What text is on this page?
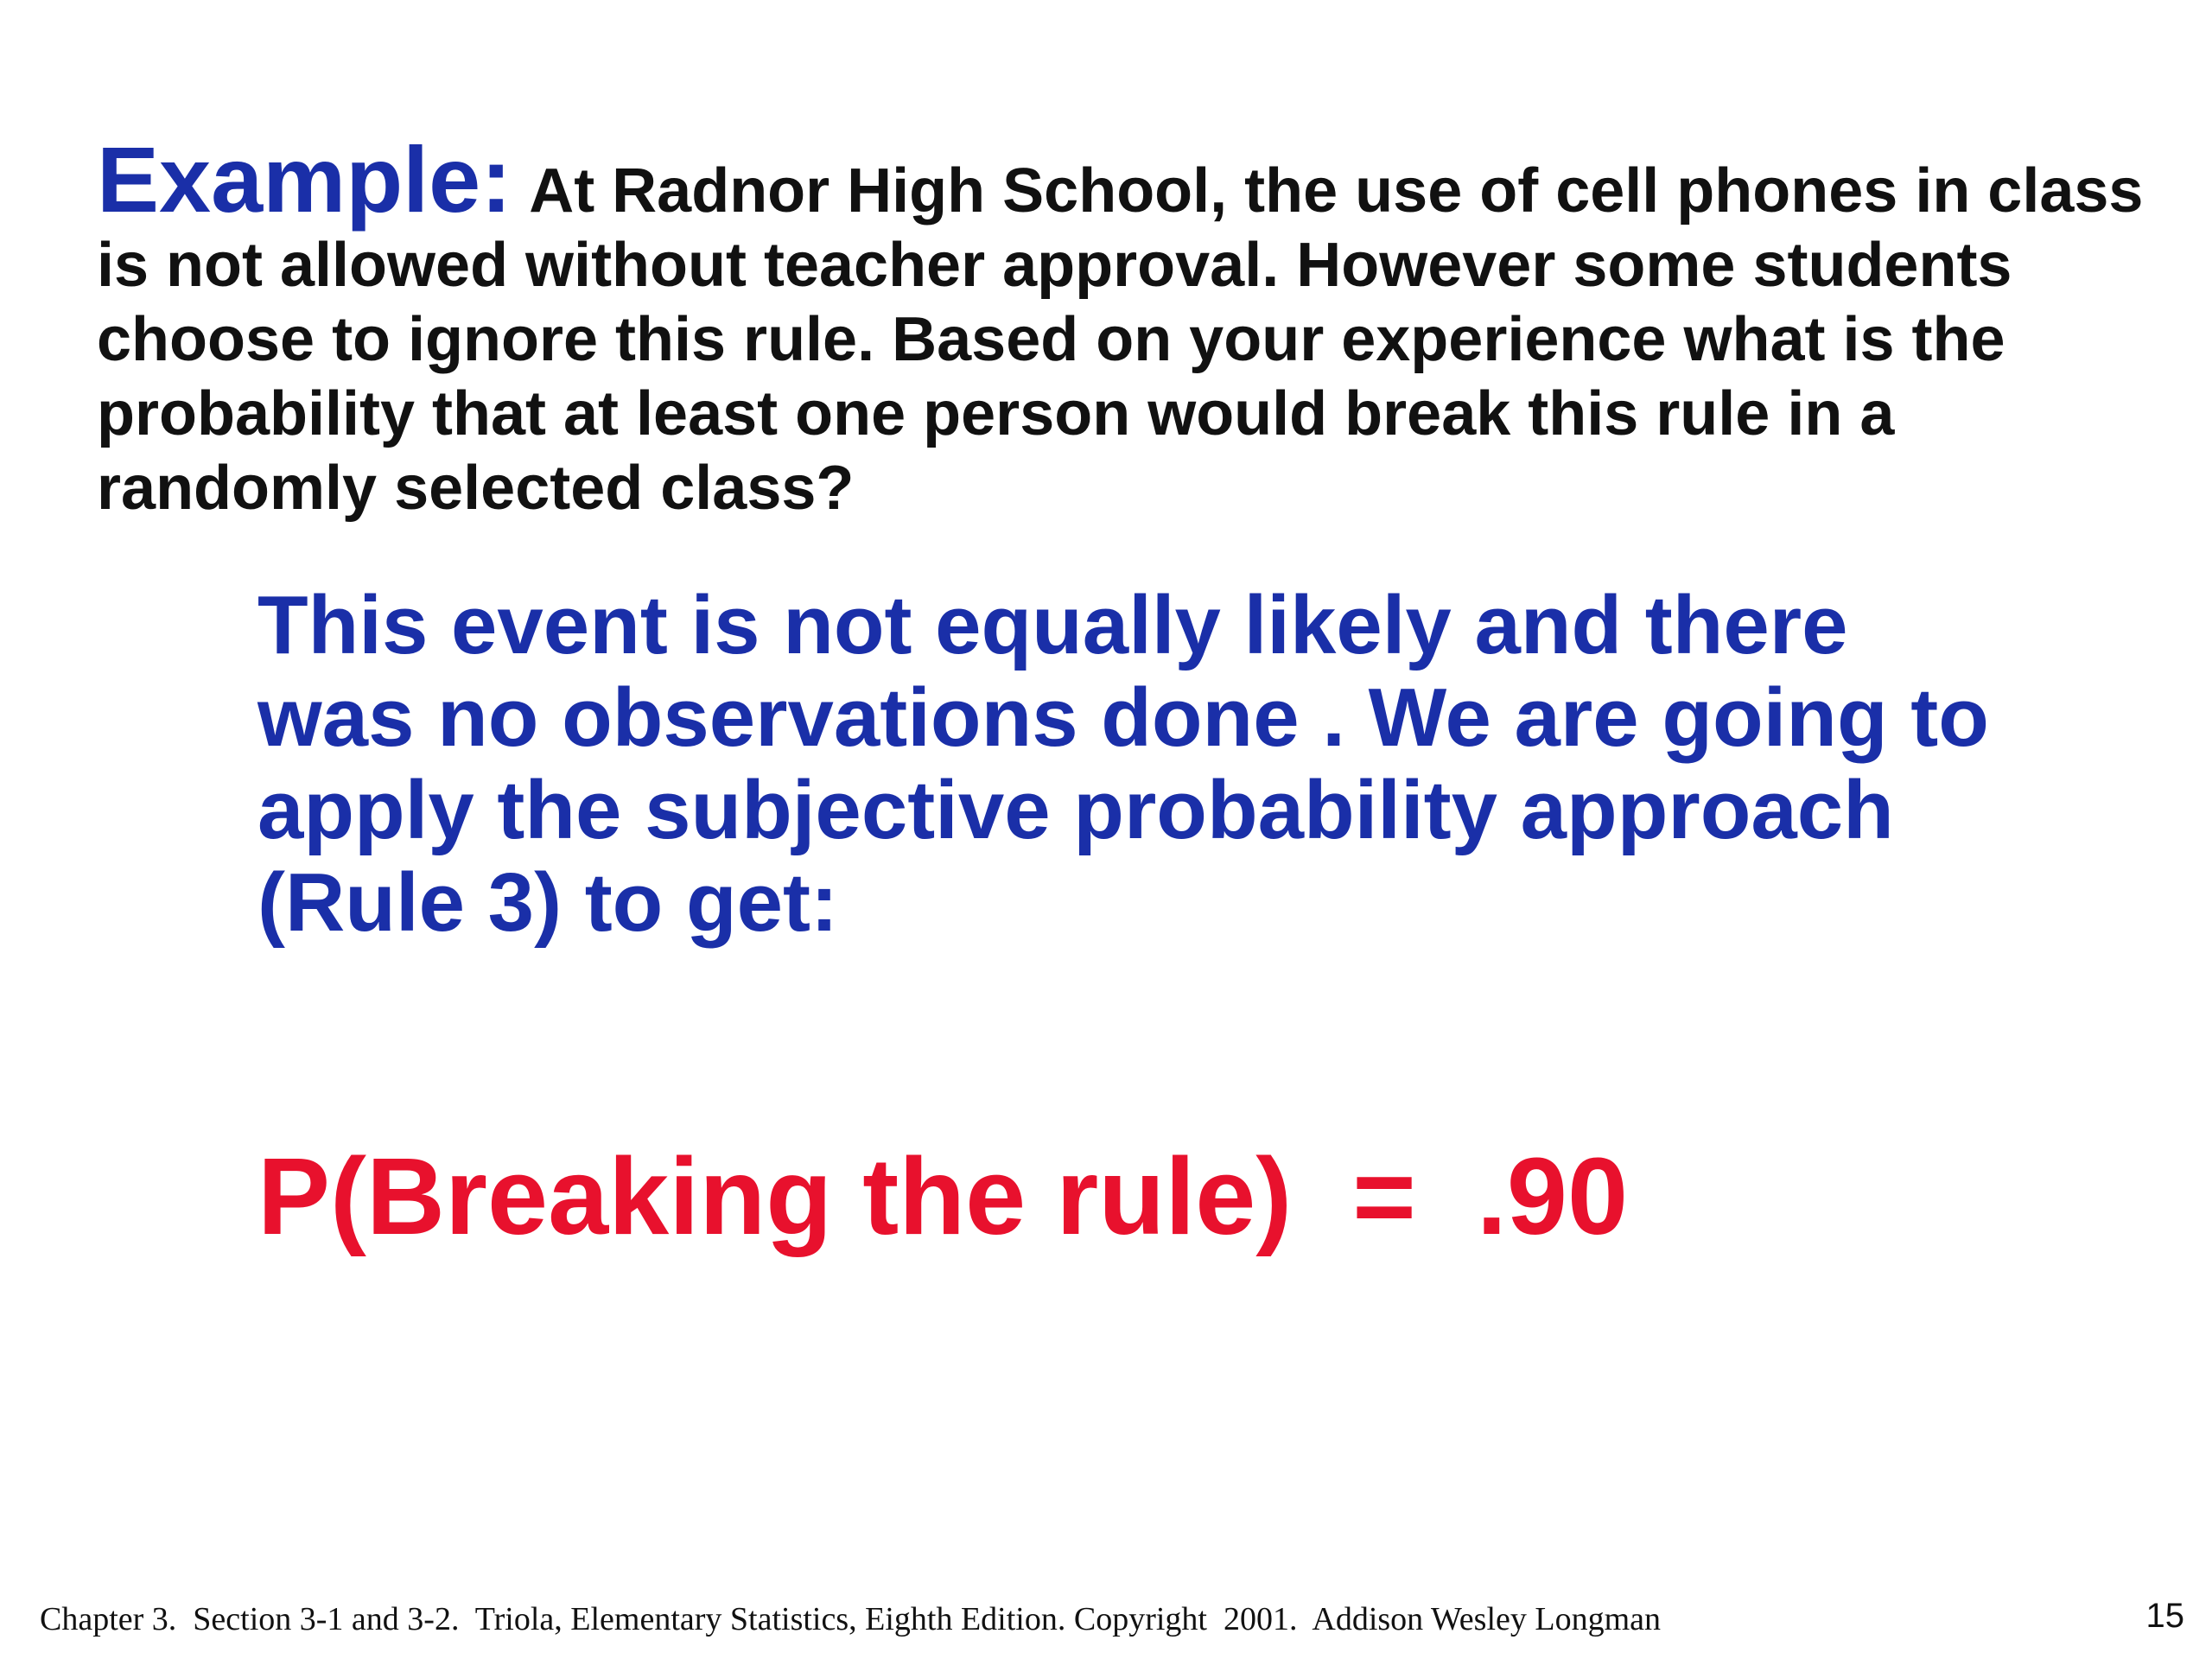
Example: At Radnor High School, the use of cell phones in class is not allowed without teacher approval. However some students choose to ignore this rule. Based on your experience what is the probability that at least one person would break this rule in a randomly selected class?
This event is not equally likely and there was no observations done . We are going to apply the subjective probability approach (Rule 3) to get:
P(Breaking the rule)  =  .90
Chapter 3.  Section 3-1 and 3-2.  Triola, Elementary Statistics, Eighth Edition. Copyright  2001.  Addison Wesley Longman	15
